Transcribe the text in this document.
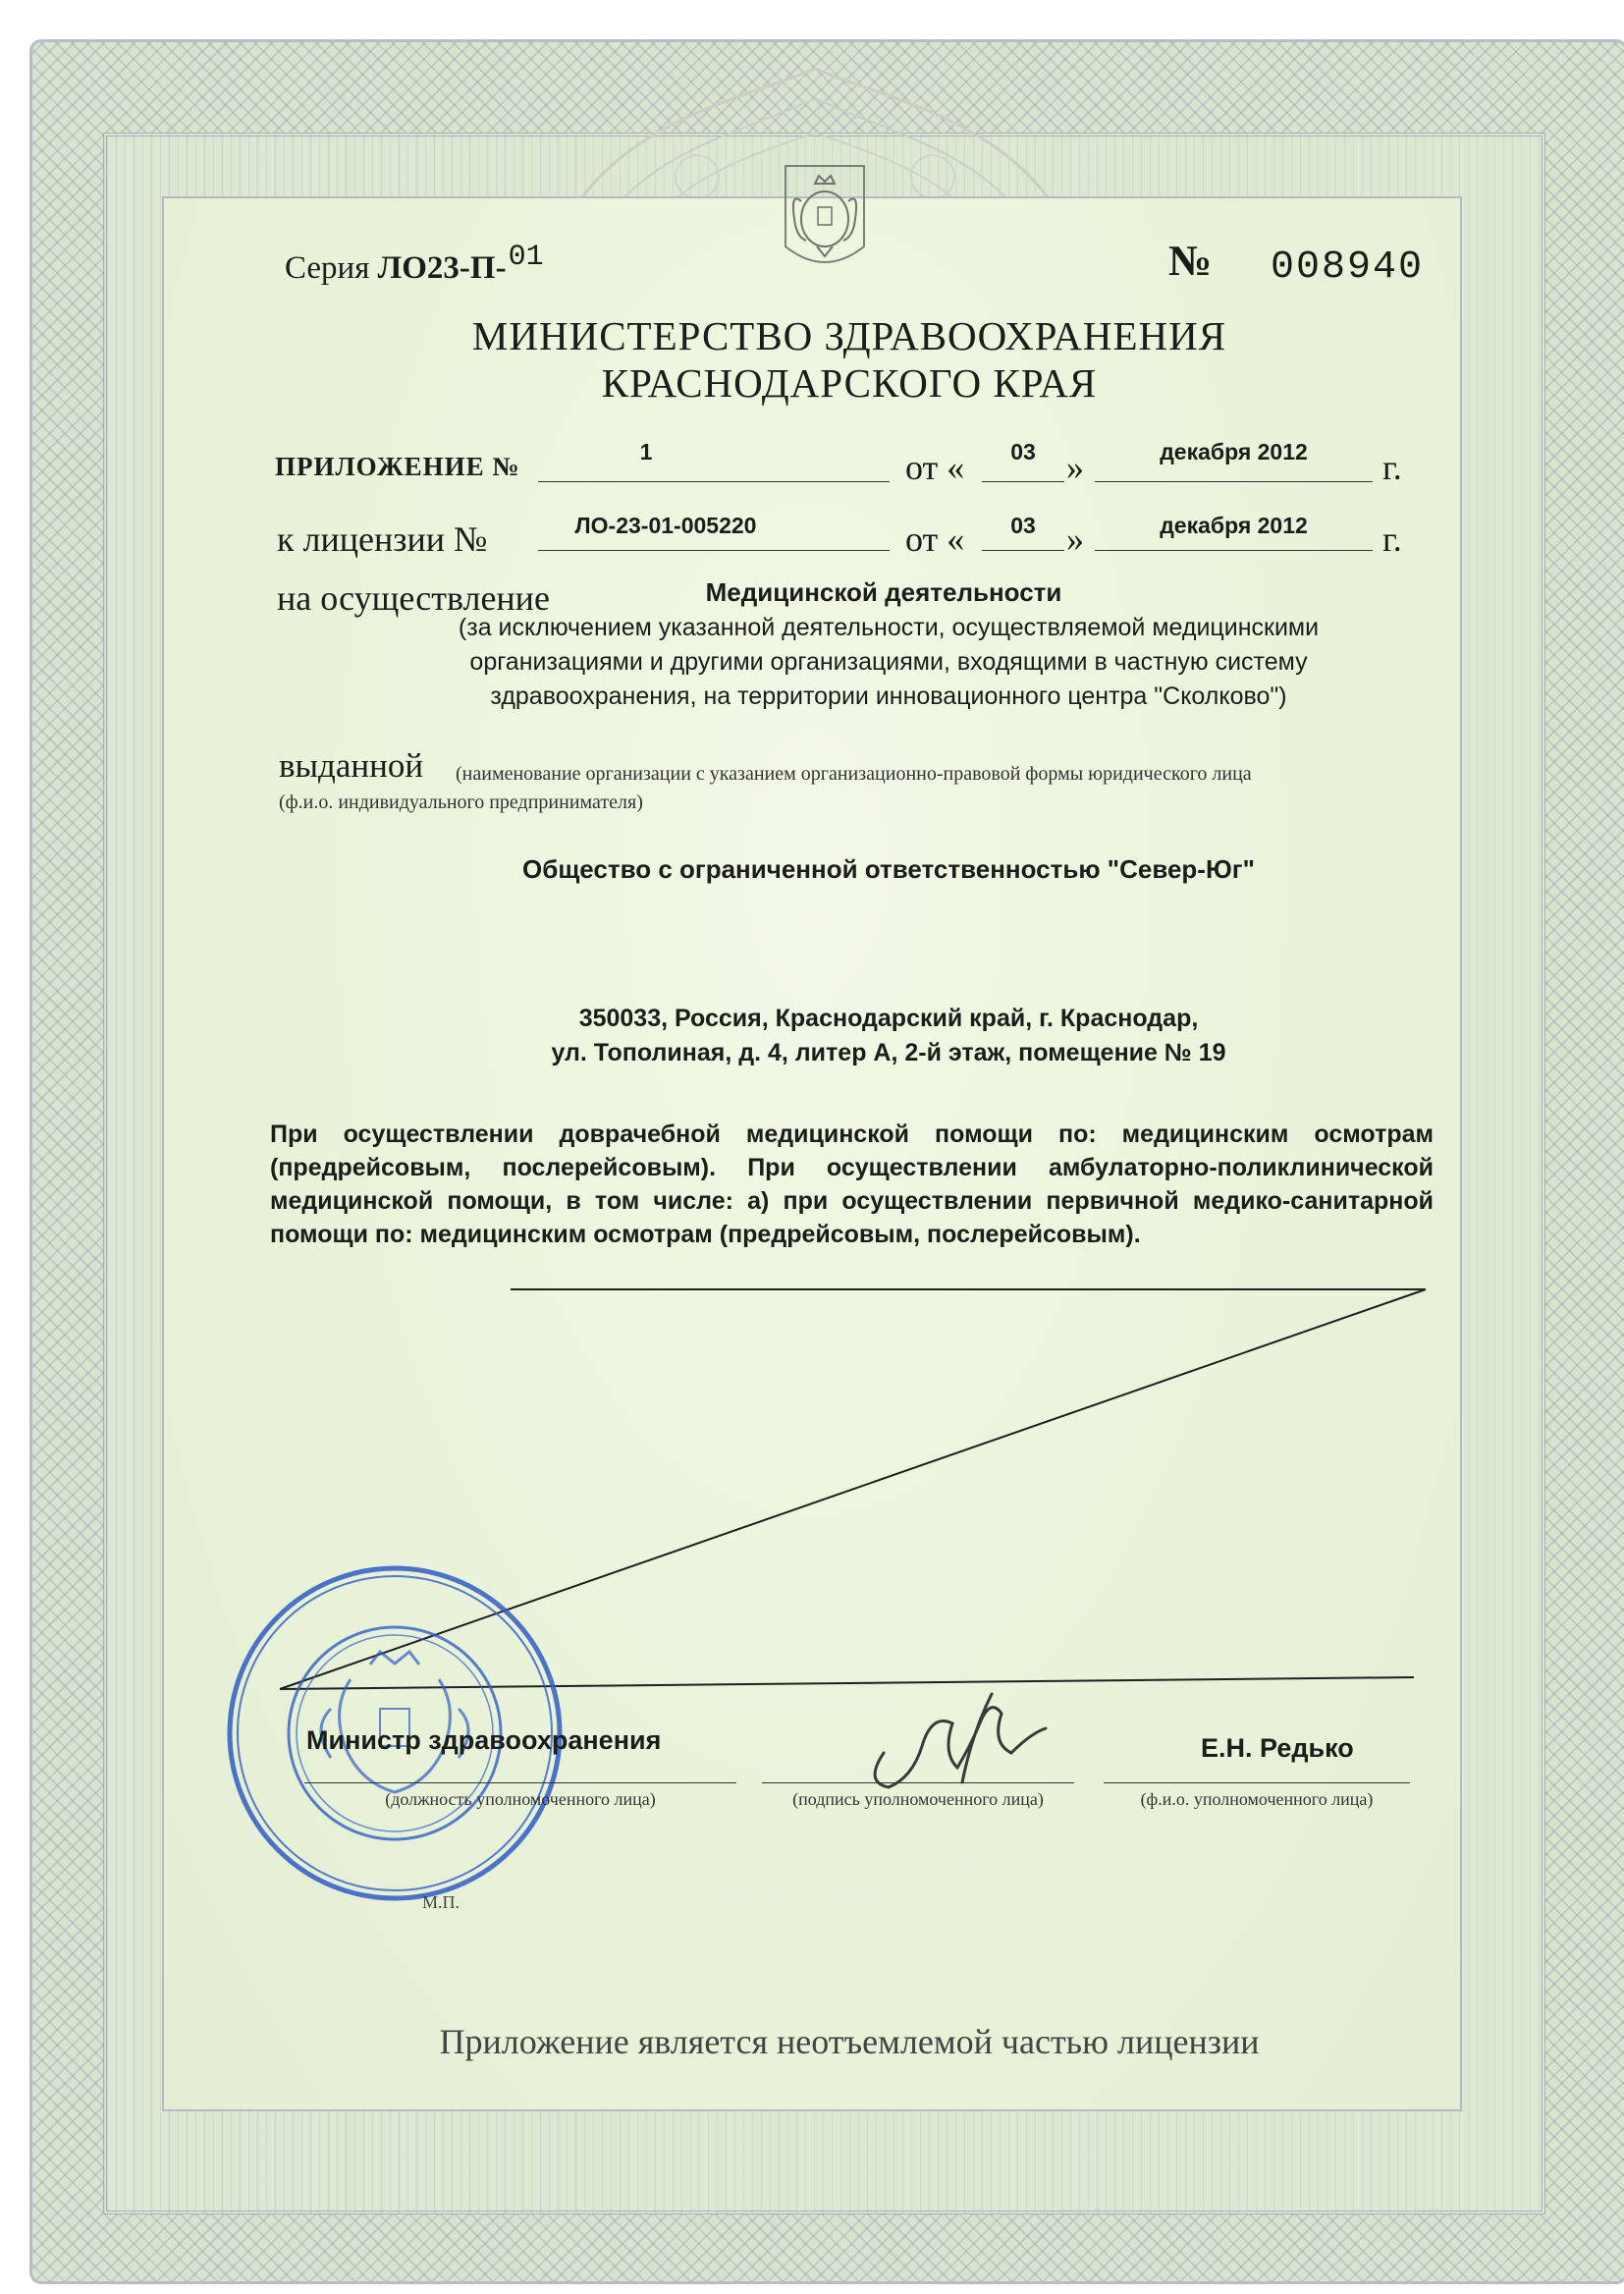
Серия ЛО23-П-$^{01}$	№ 008940
МИНИСТЕРСТВО ЗДРАВООХРАНЕНИЯ
КРАСНОДАРСКОГО КРАЯ
ПРИЛОЖЕНИЕ №	1	от «	03 »	декабря 2012	г.
к лицензии №	ЛО-23-01-005220	от «	03 »	декабря 2012	г.
на осуществление	Медицинской деятельности
(за исключением указанной деятельности, осуществляемой медицинскими
организациями и другими организациями, входящими в частную систему
здравоохранения, на территории инновационного центра "Сколково")
выданной (наименование организации с указанием организационно-правовой формы юридического лица
(ф.и.о. индивидуального предпринимателя)
Общество с ограниченной ответственностью "Север-Юг"
350033, Россия, Краснодарский край, г. Краснодар,
ул. Тополиная, д. 4, литер А, 2-й этаж, помещение № 19
При осуществлении доврачебной медицинской помощи по: медицинским осмотрам (предрейсовым, послерейсовым). При осуществлении амбулаторно-поликлинической медицинской помощи, в том числе: а) при осуществлении первичной медико-санитарной помощи по: медицинским осмотрам (предрейсовым, послерейсовым).
Министр здравоохранения
(должность уполномоченного лица)	(подпись уполномоченного лица)
Е.Н. Редько
(ф.и.о. уполномоченного лица)
М.П.
Приложение является неотъемлемой частью лицензии
